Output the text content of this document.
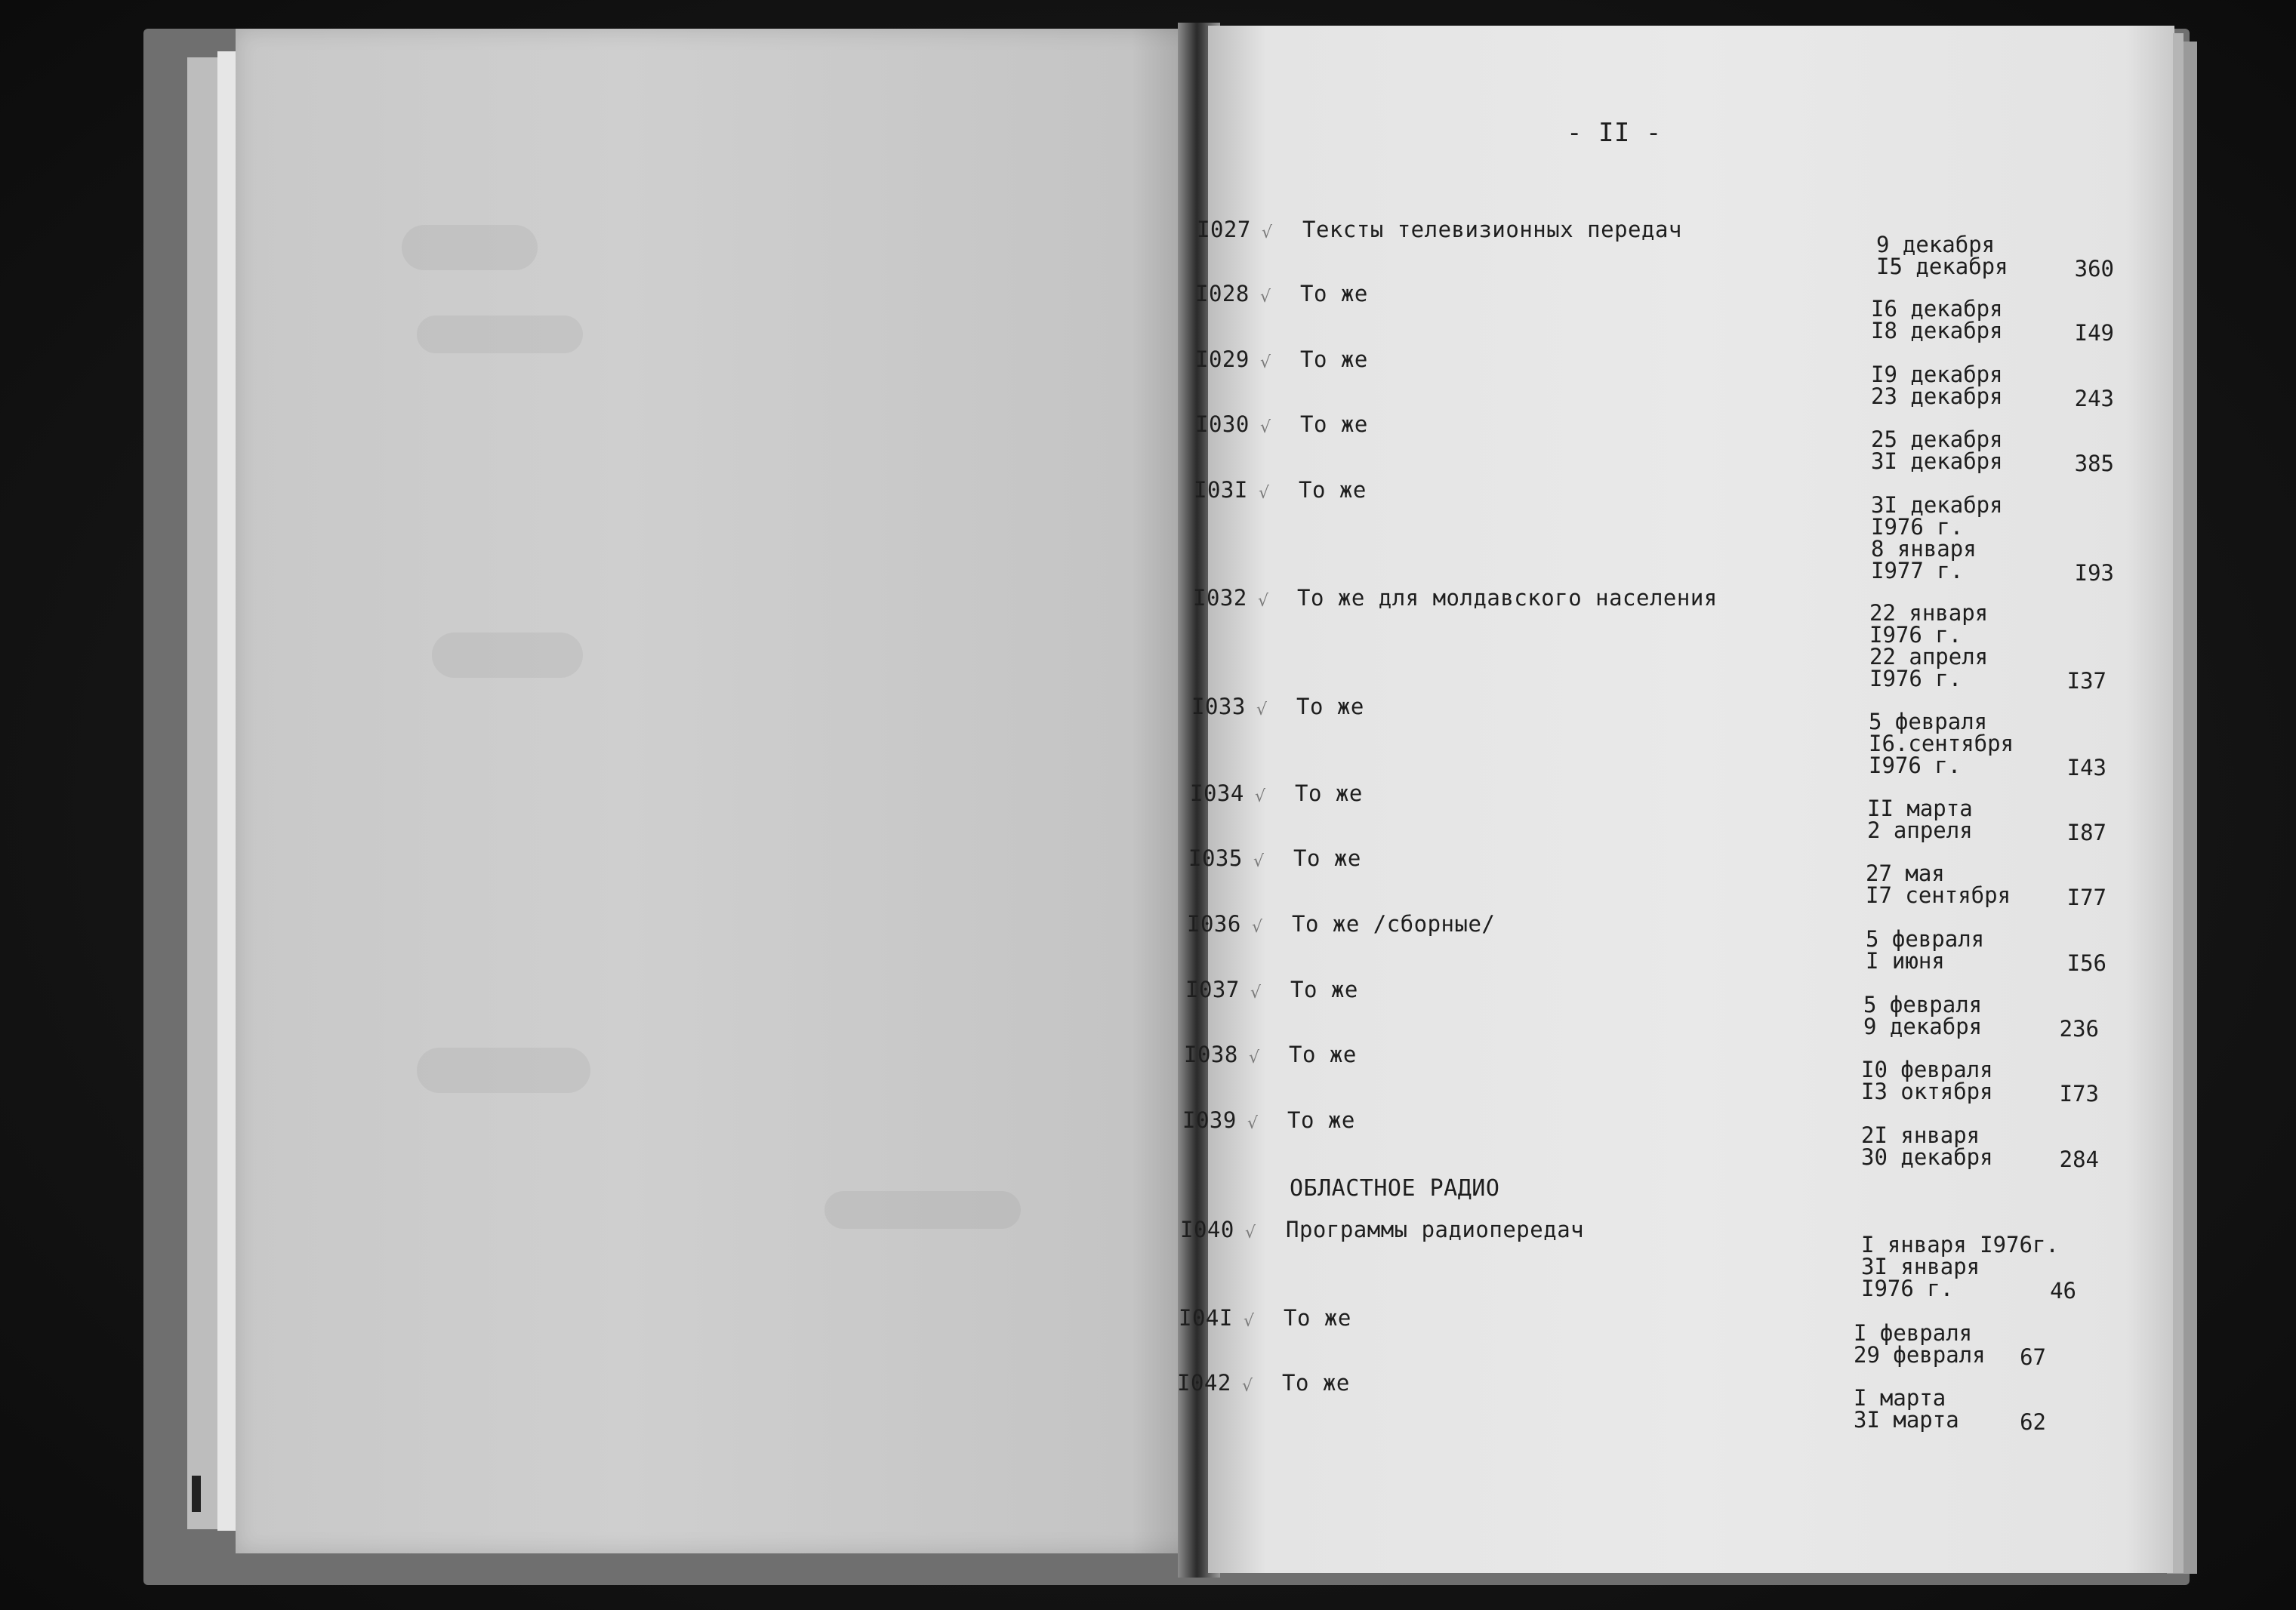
- II -
ОБЛАСТНОЕ РАДИО
I027 √ Тексты телевизионных передач
9 декабря
I5 декабря	360
I028 √ То же
I6 декабря
I8 декабря	I49
I029 √ То же
I9 декабря
23 декабря	243
I030 √ То же
25 декабря
3I декабря	385
I03I √ То же
3I декабря
I976 г.
8 января
I977 г.	I93
I032 √ То же для молдавского населения
22 января
I976 г.
22 апреля
I976 г.	I37
I033 √ То же
5 февраля
I6.сентября
I976 г.	I43
I034 √ То же
II марта
2 апреля	I87
I035 √ То же
27 мая
I7 сентября	I77
I036 √ То же /сборные/
5 февраля
I июня	I56
I037 √ То же
5 февраля
9 декабря	236
I038 √ То же
I0 февраля
I3 октября	I73
I039 √ То же
2I января
30 декабря	284
I040 √ Программы радиопередач
I января I976г.
3I января
I976 г.	46
I04I √ То же
I февраля
29 февраля	67
I042 √ То же
I марта
3I марта	62
